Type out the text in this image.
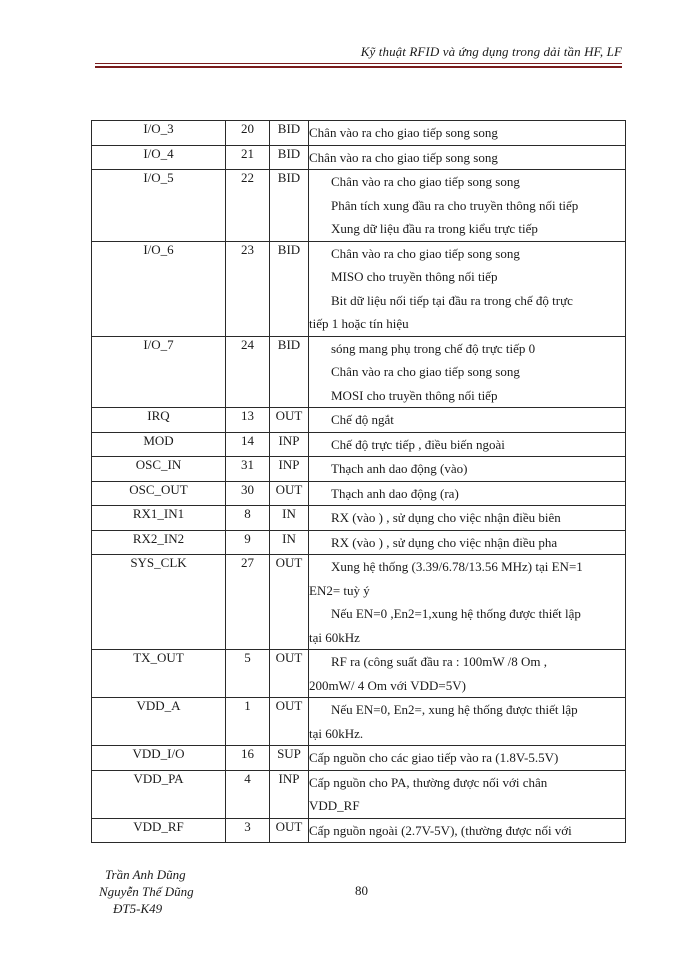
Kỹ thuật RFID và ứng dụng trong dải tần HF, LF
I/O_3	20	BID	Chân vào ra cho giao tiếp song song

I/O_4	21	BID	Chân vào ra cho giao tiếp song song

I/O_5	22	BID	Chân vào ra cho giao tiếp song song
Phân tích xung đầu ra cho truyền thông nối tiếp
Xung dữ liệu đầu ra trong kiểu trực tiếp

I/O_6	23	BID	Chân vào ra cho giao tiếp song song
MISO cho truyền thông nối tiếp
Bit dữ liệu nối tiếp tại đầu ra trong chế độ trực
tiếp 1 hoặc tín hiệu

I/O_7	24	BID	sóng mang phụ trong chế độ trực tiếp 0
Chân vào ra cho giao tiếp song song
MOSI cho truyền thông nối tiếp

IRQ	13	OUT	Chế độ ngắt

MOD	14	INP	Chế độ trực tiếp , điều biến ngoài

OSC_IN	31	INP	Thạch anh dao động (vào)

OSC_OUT	30	OUT	Thạch anh dao động (ra)

RX1_IN1	8	IN	RX (vào ) , sử dụng cho việc nhận điều biên

RX2_IN2	9	IN	RX (vào ) , sử dụng cho việc nhận điều pha

SYS_CLK	27	OUT	Xung hệ thống (3.39/6.78/13.56 MHz) tại EN=1
EN2= tuỳ ý
Nếu EN=0 ,En2=1,xung hệ thống được thiết lập
tại 60kHz

TX_OUT	5	OUT	RF ra (công suất đầu ra : 100mW /8 Om ,
200mW/ 4 Om với VDD=5V)

VDD_A	1	OUT	Nếu EN=0, En2=, xung hệ thống được thiết lập
tại 60kHz.

VDD_I/O	16	SUP	Cấp nguồn cho các giao tiếp vào ra (1.8V-5.5V)

VDD_PA	4	INP	Cấp nguồn cho PA, thường được nối với chân
VDD_RF

VDD_RF	3	OUT	Cấp nguồn ngoài (2.7V-5V), (thường được nối với
Trần Anh Dũng
Nguyễn Thế Dũng
ĐT5-K49
80
